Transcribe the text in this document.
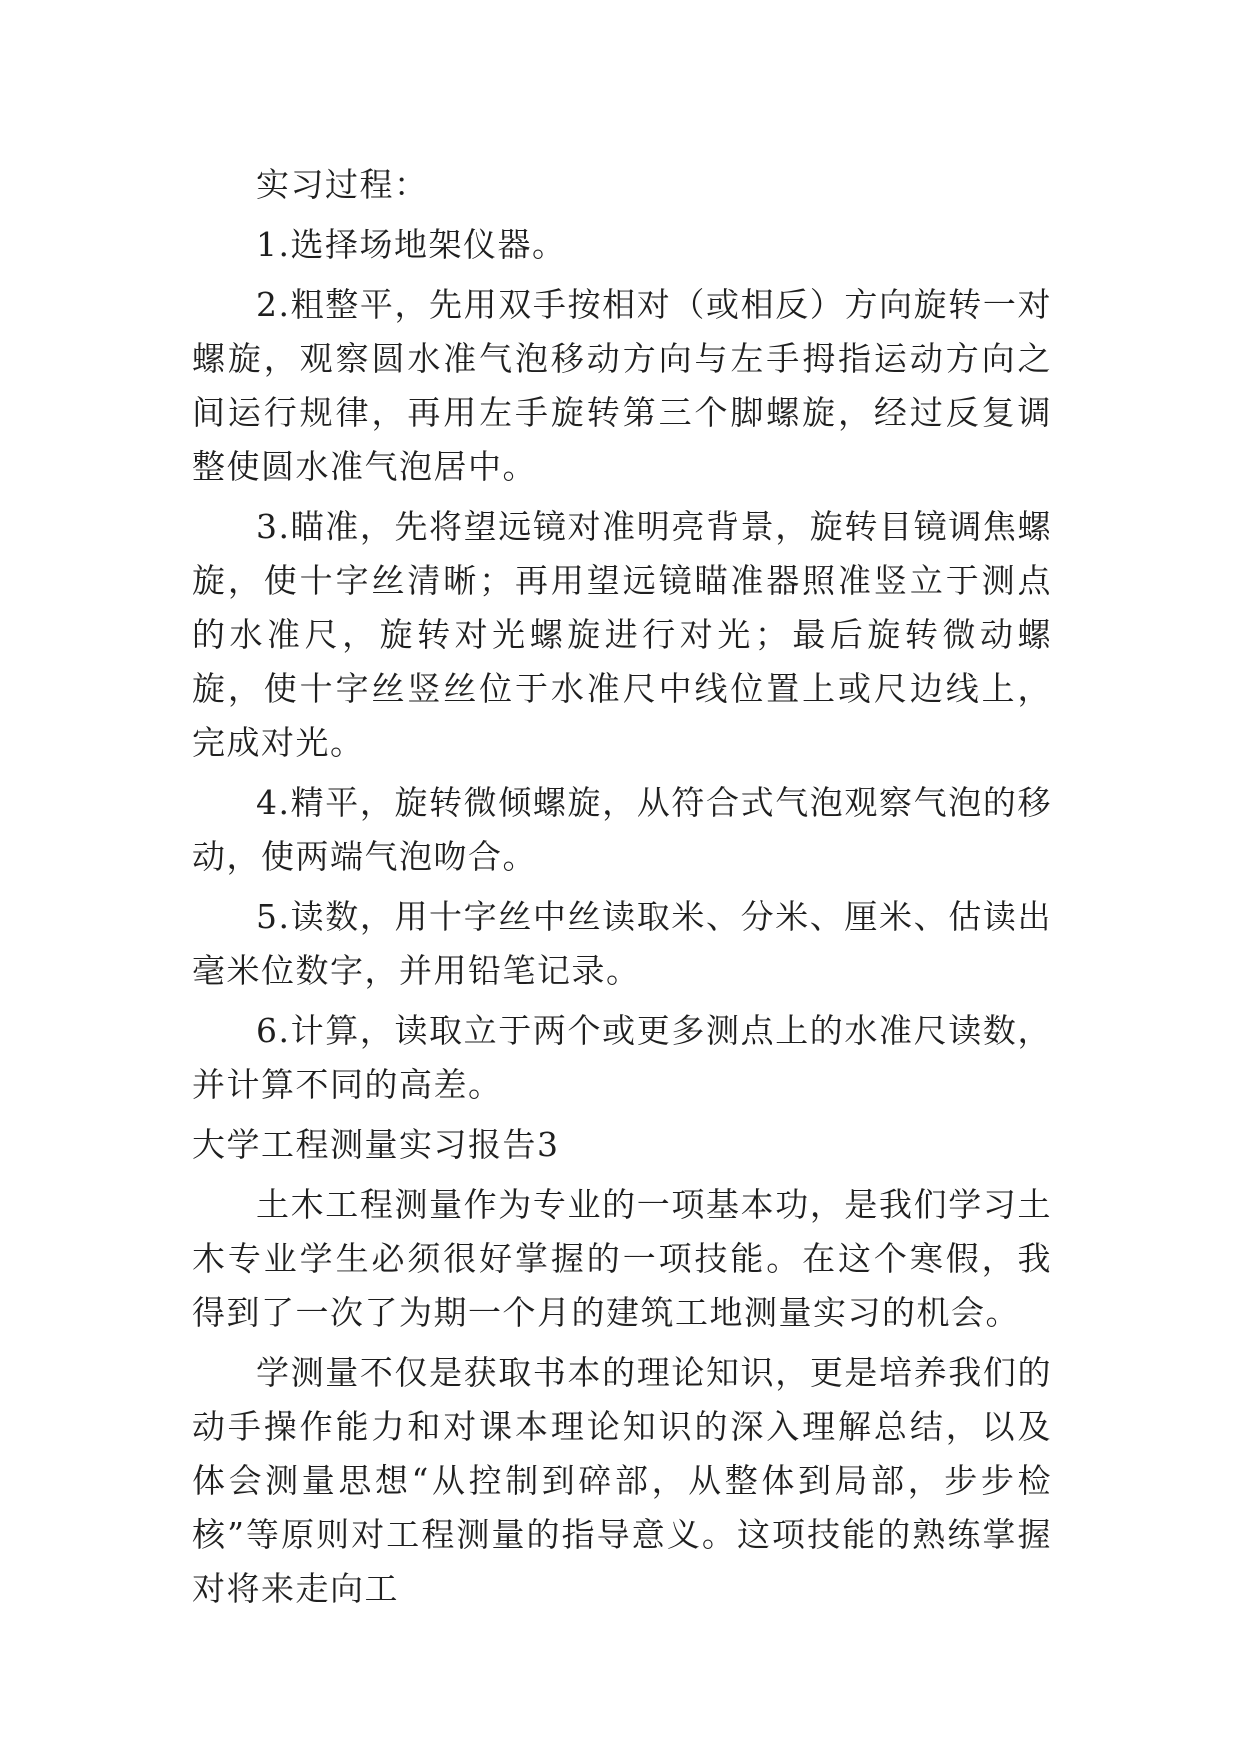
实习过程：

1.选择场地架仪器。

2.粗整平，先用双手按相对（或相反）方向旋转一对螺旋，观察圆水准气泡移动方向与左手拇指运动方向之间运行规律，再用左手旋转第三个脚螺旋，经过反复调整使圆水准气泡居中。

3.瞄准，先将望远镜对准明亮背景，旋转目镜调焦螺旋，使十字丝清晰；再用望远镜瞄准器照准竖立于测点的水准尺，旋转对光螺旋进行对光；最后旋转微动螺旋，使十字丝竖丝位于水准尺中线位置上或尺边线上，完成对光。

4.精平，旋转微倾螺旋，从符合式气泡观察气泡的移动，使两端气泡吻合。

5.读数，用十字丝中丝读取米、分米、厘米、估读出毫米位数字，并用铅笔记录。

6.计算，读取立于两个或更多测点上的水准尺读数，并计算不同的高差。

大学工程测量实习报告3

土木工程测量作为专业的一项基本功，是我们学习土木专业学生必须很好掌握的一项技能。在这个寒假，我得到了一次了为期一个月的建筑工地测量实习的机会。

学测量不仅是获取书本的理论知识，更是培养我们的动手操作能力和对课本理论知识的深入理解总结，以及体会测量思想“从控制到碎部，从整体到局部，步步检核”等原则对工程测量的指导意义。这项技能的熟练掌握对将来走向工
